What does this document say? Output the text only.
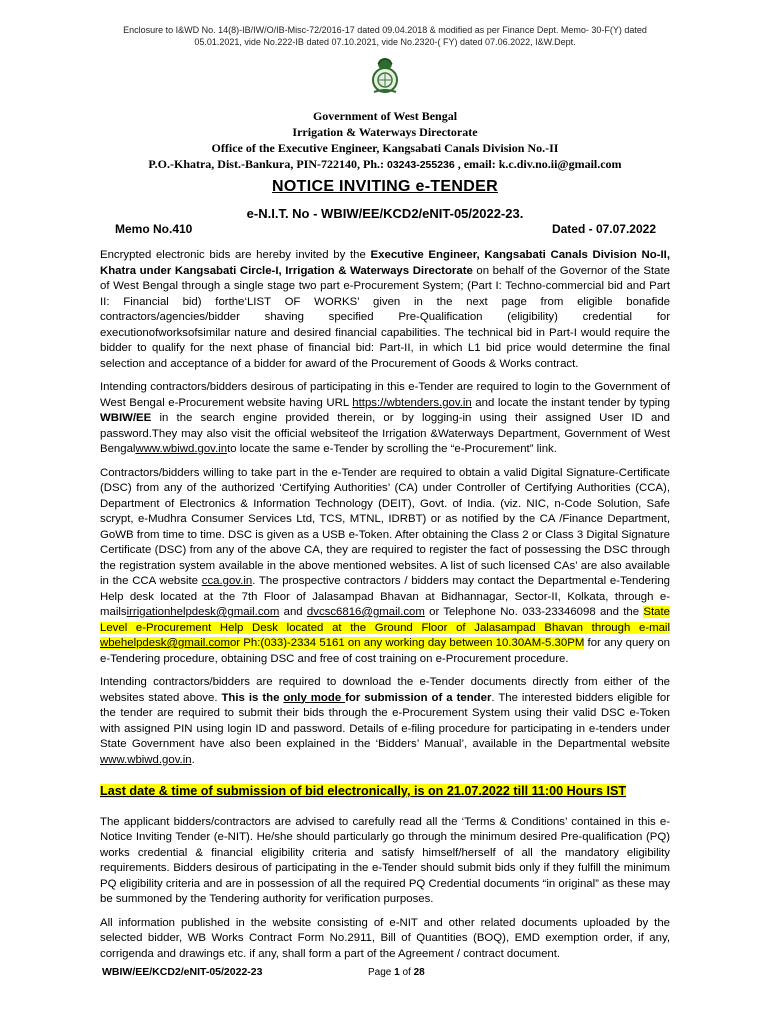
Enclosure to I&WD No. 14(8)-IB/IW/O/IB-Misc-72/2016-17 dated 09.04.2018 & modified as per Finance Dept. Memo- 30-F(Y) dated
05.01.2021, vide No.222-IB dated 07.10.2021, vide No.2320-( FY) dated 07.06.2022, I&W.Dept.
Government of West Bengal
Irrigation & Waterways Directorate
Office of the Executive Engineer, Kangsabati Canals Division No.-II
P.O.-Khatra, Dist.-Bankura, PIN-722140, Ph.: 03243-255236 , email: k.c.div.no.ii@gmail.com
NOTICE INVITING e-TENDER
e-N.I.T. No - WBIW/EE/KCD2/eNIT-05/2022-23.
Memo No.410	Dated - 07.07.2022

Encrypted electronic bids are hereby invited by the Executive Engineer, Kangsabati Canals Division No-II, Khatra under Kangsabati Circle-I, Irrigation & Waterways Directorate on behalf of the Governor of the State of West Bengal through a single stage two part e-Procurement System; (Part I: Techno-commercial bid and Part II: Financial bid) forthe‘LIST OF WORKS’ given in the next page from eligible bonafide contractors/agencies/bidder shaving specified Pre-Qualification (eligibility) credential for executionofworksofsimilar nature and desired financial capabilities. The technical bid in Part-I would require the bidder to qualify for the next phase of financial bid: Part-II, in which L1 bid price would determine the final selection and acceptance of a bidder for award of the Procurement of Goods & Works contract.

Intending contractors/bidders desirous of participating in this e-Tender are required to login to the Government of West Bengal e-Procurement website having URL https://wbtenders.gov.in and locate the instant tender by typing WBIW/EE in the search engine provided therein, or by logging-in using their assigned User ID and password.They may also visit the official websiteof the Irrigation &Waterways Department, Government of West Bengalwww.wbiwd.gov.into locate the same e-Tender by scrolling the “e-Procurement” link.

Contractors/bidders willing to take part in the e-Tender are required to obtain a valid Digital Signature-Certificate (DSC) from any of the authorized ‘Certifying Authorities’ (CA) under Controller of Certifying Authorities (CCA), Department of Electronics & Information Technology (DEIT), Govt. of India. (viz. NIC, n-Code Solution, Safe scrypt, e-Mudhra Consumer Services Ltd, TCS, MTNL, IDRBT) or as notified by the CA /Finance Department, GoWB from time to time. DSC is given as a USB e-Token. After obtaining the Class 2 or Class 3 Digital Signature Certificate (DSC) from any of the above CA, they are required to register the fact of possessing the DSC through the registration system available in the above mentioned websites. A list of such licensed CAs’ are also available in the CCA website cca.gov.in. The prospective contractors / bidders may contact the Departmental e-Tendering Help desk located at the 7th Floor of Jalasampad Bhavan at Bidhannagar, Sector-II, Kolkata, through e-mailsirrigationhelpdesk@gmail.com and dvcsc6816@gmail.com or Telephone No. 033-23346098 and the State Level e-Procurement Help Desk located at the Ground Floor of Jalasampad Bhavan through e-mail wbehelpdesk@gmail.comor Ph:(033)-2334 5161 on any working day between 10.30AM-5.30PM for any query on e-Tendering procedure, obtaining DSC and free of cost training on e-Procurement procedure.

Intending contractors/bidders are required to download the e-Tender documents directly from either of the websites stated above. This is the only mode for submission of a tender. The interested bidders eligible for the tender are required to submit their bids through the e-Procurement System using their valid DSC e-Token with assigned PIN using login ID and password. Details of e-filing procedure for participating in e-tenders under State Government have also been explained in the ‘Bidders’ Manual’, available in the Departmental website www.wbiwd.gov.in.

Last date & time of submission of bid electronically, is on 21.07.2022 till 11:00 Hours IST

The applicant bidders/contractors are advised to carefully read all the ‘Terms & Conditions’ contained in this e-Notice Inviting Tender (e-NIT). He/she should particularly go through the minimum desired Pre-qualification (PQ) works credential & financial eligibility criteria and satisfy himself/herself of all the mandatory eligibility requirements. Bidders desirous of participating in the e-Tender should submit bids only if they fulfill the minimum PQ eligibility criteria and are in possession of all the required PQ Credential documents “in original” as these may be summoned by the Tendering authority for verification purposes.

All information published in the website consisting of e-NIT and other related documents uploaded by the selected bidder, WB Works Contract Form No.2911, Bill of Quantities (BOQ), EMD exemption order, if any, corrigenda and drawings etc. if any, shall form a part of the Agreement / contract document.

WBIW/EE/KCD2/eNIT-05/2022-23	Page 1 of 28
